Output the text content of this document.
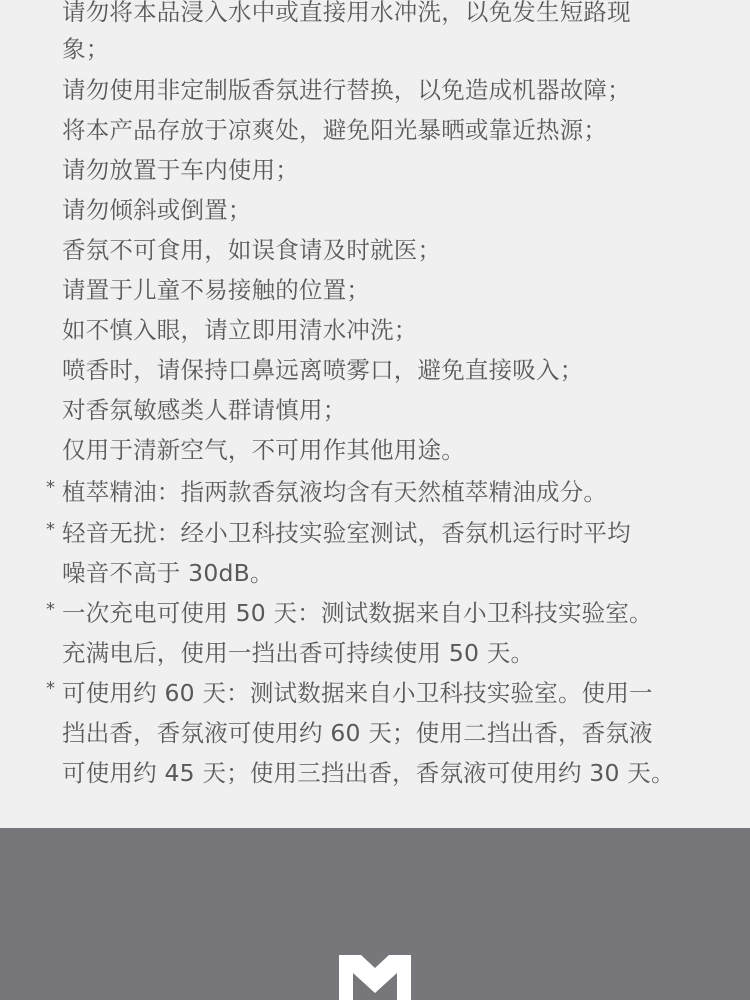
请勿将本品浸入水中或直接用水冲洗，以免发生短路现
象；
请勿使用非定制版香氛进行替换，以免造成机器故障；
将本产品存放于凉爽处，避免阳光暴晒或靠近热源；
请勿放置于车内使用；
请勿倾斜或倒置；
香氛不可食用，如误食请及时就医；
请置于儿童不易接触的位置；
如不慎入眼，请立即用清水冲洗；
喷香时，请保持口鼻远离喷雾口，避免直接吸入；
对香氛敏感类人群请慎用；
仅用于清新空气，不可用作其他用途。
* 植萃精油：指两款香氛液均含有天然植萃精油成分。
* 轻音无扰：经小卫科技实验室测试，香氛机运行时平均
噪音不高于 30dB。
* 一次充电可使用 50 天：测试数据来自小卫科技实验室。
充满电后，使用一挡出香可持续使用 50 天。
* 可使用约 60 天：测试数据来自小卫科技实验室。使用一
挡出香，香氛液可使用约 60 天；使用二挡出香，香氛液
可使用约 45 天；使用三挡出香，香氛液可使用约 30 天。
